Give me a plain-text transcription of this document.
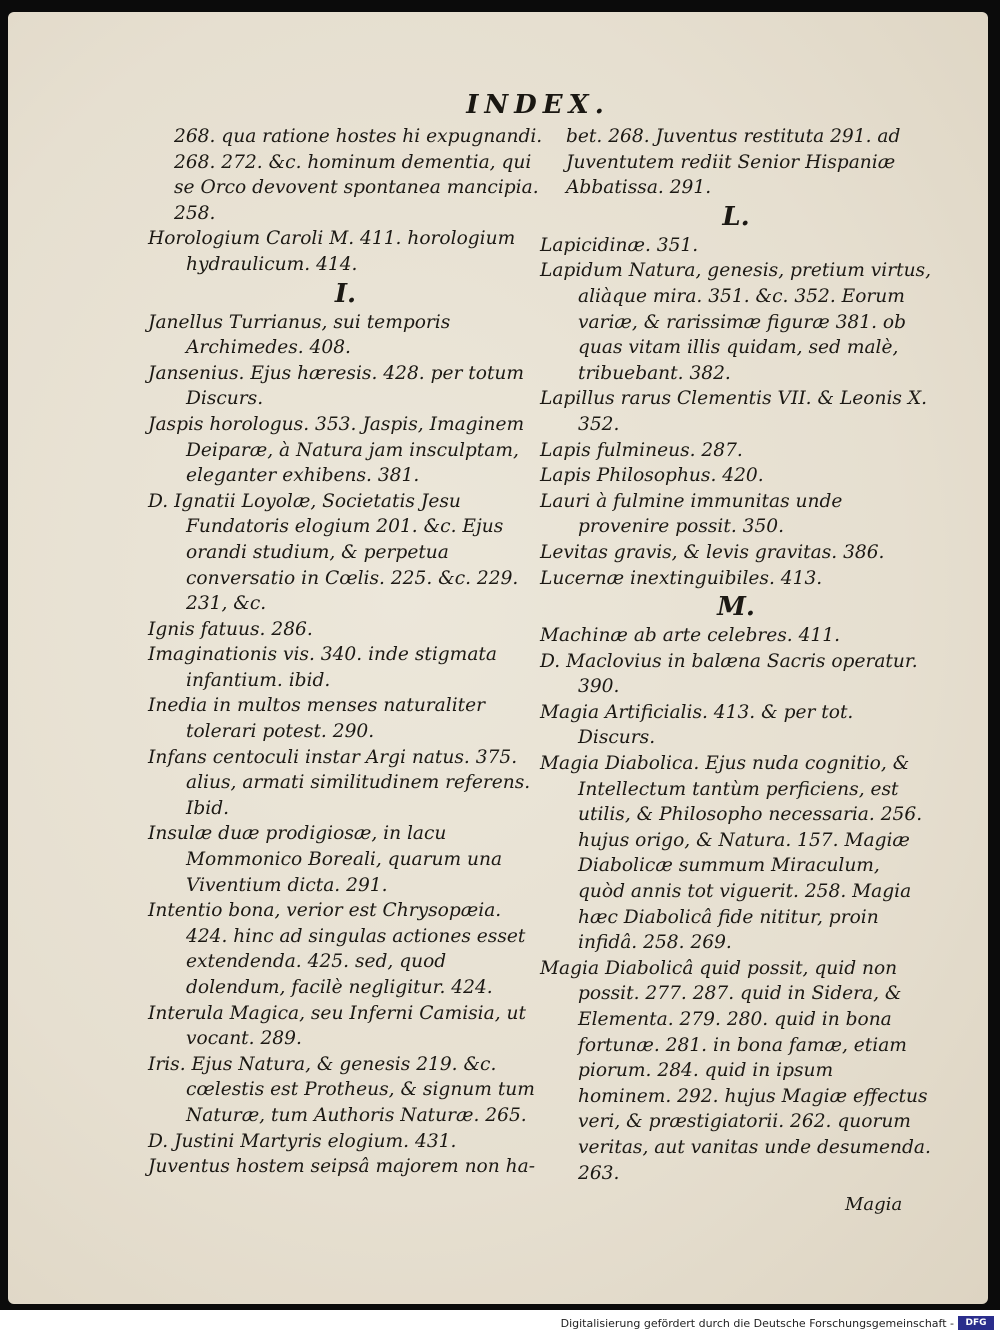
INDEX.

268. qua ratione hostes hi expugnandi. 268. 272. &c. hominum dementia, qui se Orco devovent spontanea mancipia. 258.

Horologium Caroli M. 411. horologium hydraulicum. 414.

I.

Janellus Turrianus, sui temporis Archimedes. 408.

Jansenius. Ejus hæresis. 428. per totum Discurs.

Jaspis horologus. 353. Jaspis, Imaginem Deiparæ, à Natura jam insculptam, eleganter exhibens. 381.

D. Ignatii Loyolæ, Societatis Jesu Fundatoris elogium 201. &c. Ejus orandi studium, & perpetua conversatio in Cœlis. 225. &c. 229. 231, &c.

Ignis fatuus. 286.

Imaginationis vis. 340. inde stigmata infantium. ibid.

Inedia in multos menses naturaliter tolerari potest. 290.

Infans centoculi instar Argi natus. 375. alius, armati similitudinem referens. Ibid.

Insulæ duæ prodigiosæ, in lacu Mommonico Boreali, quarum una Viventium dicta. 291.

Intentio bona, verior est Chrysopæia. 424. hinc ad singulas actiones esset extendenda. 425. sed, quod dolendum, facilè negligitur. 424.

Interula Magica, seu Inferni Camisia, ut vocant. 289.

Iris. Ejus Natura, & genesis 219. &c. cœlestis est Protheus, & signum tum Naturæ, tum Authoris Naturæ. 265.

D. Justini Martyris elogium. 431.

Juventus hostem seipsâ majorem non ha-

bet. 268. Juventus restituta 291. ad Juventutem rediit Senior Hispaniæ Abbatissa. 291.

L.

Lapicidinæ. 351.

Lapidum Natura, genesis, pretium virtus, aliàque mira. 351. &c. 352. Eorum variæ, & rarissimæ figuræ 381. ob quas vitam illis quidam, sed malè, tribuebant. 382.

Lapillus rarus Clementis VII. & Leonis X. 352.

Lapis fulmineus. 287.

Lapis Philosophus. 420.

Lauri à fulmine immunitas unde provenire possit. 350.

Levitas gravis, & levis gravitas. 386.

Lucernæ inextinguibiles. 413.

M.

Machinæ ab arte celebres. 411.

D. Maclovius in balæna Sacris operatur. 390.

Magia Artificialis. 413. & per tot. Discurs.

Magia Diabolica. Ejus nuda cognitio, & Intellectum tantùm perficiens, est utilis, & Philosopho necessaria. 256. hujus origo, & Natura. 157. Magiæ Diabolicæ summum Miraculum, quòd annis tot viguerit. 258. Magia hæc Diabolicâ fide nititur, proin infidâ. 258. 269.

Magia Diabolicâ quid possit, quid non possit. 277. 287. quid in Sidera, & Elementa. 279. 280. quid in bona fortunæ. 281. in bona famæ, etiam piorum. 284. quid in ipsum hominem. 292. hujus Magiæ effectus veri, & præstigiatorii. 262. quorum veritas, aut vanitas unde desumenda. 263.

Magia
Digitalisierung gefördert durch die Deutsche Forschungsgemeinschaft -	DFG
